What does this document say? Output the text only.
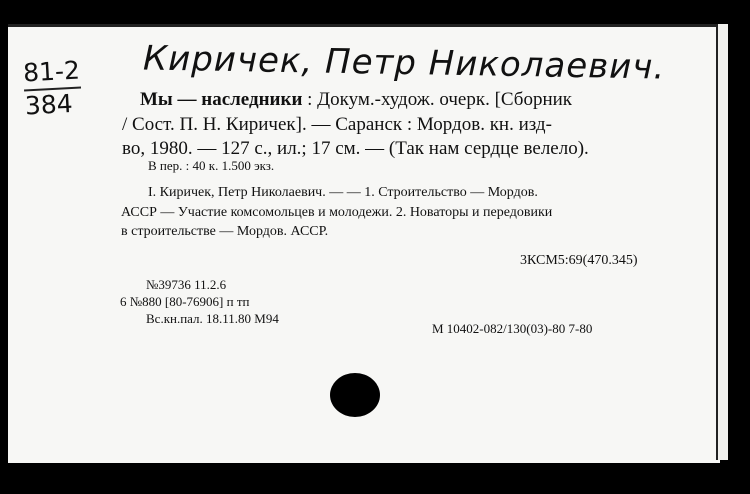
81-2
384
Киричек, Петр Николаевич.
Мы — наследники : Докум.-худож. очерк. [Сборник
/ Сост. П. Н. Киричек]. — Саранск : Мордов. кн. изд-
во, 1980. — 127 с., ил.; 17 см. — (Так нам сердце велело).
В пер. : 40 к. 1.500 экз.
I. Киричек, Петр Николаевич. — — 1. Строительство — Мордов.
АССР — Участие комсомольцев и молодежи. 2. Новаторы и передовики
в строительстве — Мордов. АССР.
3КСМ5:69(470.345)
№39736 11.2.6
6 №880 [80-76906] п тп
Вс.кн.пал. 18.11.80 М94
М 10402-082/130(03)-80 7-80
